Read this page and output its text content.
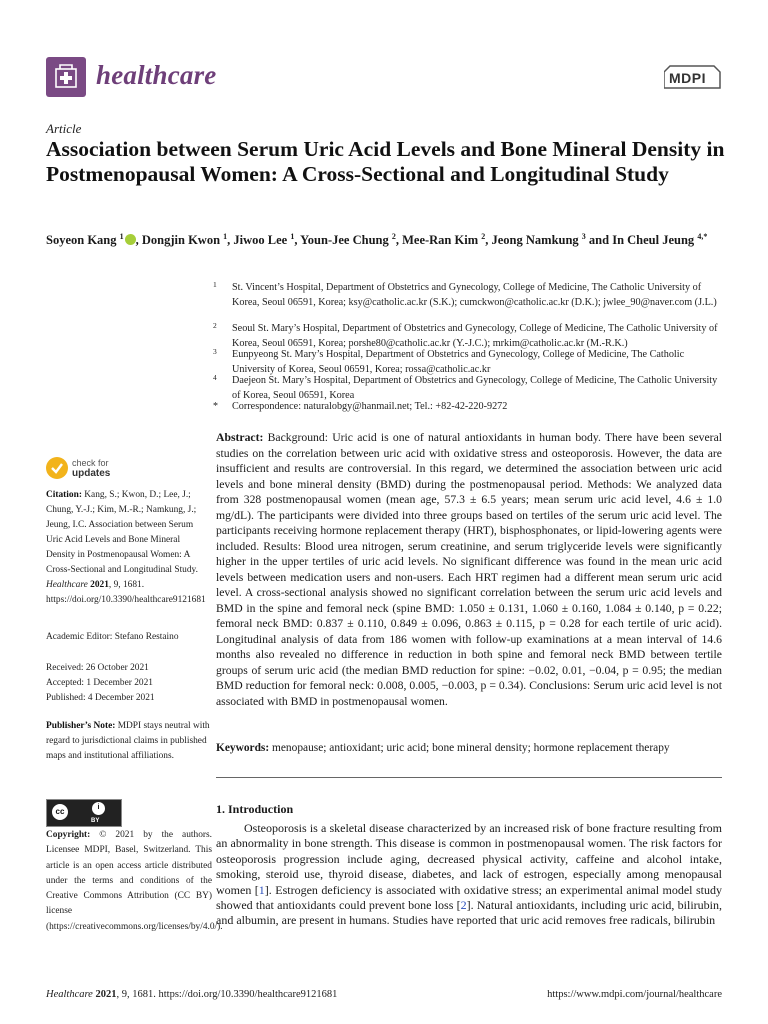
healthcare	MDPI
Article
Association between Serum Uric Acid Levels and Bone Mineral Density in Postmenopausal Women: A Cross-Sectional and Longitudinal Study
Soyeon Kang $^1$ , Dongjin Kwon $^1$, Jiwoo Lee $^1$, Youn-Jee Chung $^2$, Mee-Ran Kim $^2$, Jeong Namkung $^3$ and In Cheul Jeung $^{4,*}$
1 St. Vincent’s Hospital, Department of Obstetrics and Gynecology, College of Medicine, The Catholic University of Korea, Seoul 06591, Korea; ksy@catholic.ac.kr (S.K.); cumckwon@catholic.ac.kr (D.K.); jwlee_90@naver.com (J.L.)
2 Seoul St. Mary’s Hospital, Department of Obstetrics and Gynecology, College of Medicine, The Catholic University of Korea, Seoul 06591, Korea; porshe80@catholic.ac.kr (Y.-J.C.); mrkim@catholic.ac.kr (M.-R.K.)
3 Eunpyeong St. Mary’s Hospital, Department of Obstetrics and Gynecology, College of Medicine, The Catholic University of Korea, Seoul 06591, Korea; rossa@catholic.ac.kr
4 Daejeon St. Mary’s Hospital, Department of Obstetrics and Gynecology, College of Medicine, The Catholic University of Korea, Seoul 06591, Korea
* Correspondence: naturalobgy@hanmail.net; Tel.: +82-42-220-9272
Abstract: Background: Uric acid is one of natural antioxidants in human body. There have been several studies on the correlation between uric acid with oxidative stress and osteoporosis. However, the data are insufficient and results are controversial. In this regard, we determined the association between uric acid levels and bone mineral density (BMD) during the postmenopausal period. Methods: We analyzed data from 328 postmenopausal women (mean age, 57.3 ± 6.5 years; mean serum uric acid level, 4.6 ± 1.0 mg/dL). The participants were divided into three groups based on tertiles of the serum uric acid level. The participants receiving hormone replacement therapy (HRT), bisphosphonates, or lipid-lowering agents were included. Results: Blood urea nitrogen, serum creatinine, and serum triglyceride levels were significantly higher in the upper tertiles of uric acid levels. No significant difference was found in the mean uric acid levels between medication users and non-users. Each HRT regimen had a different mean serum uric acid level. A cross-sectional analysis showed no significant correlation between the serum uric acid levels and BMD in the spine and femoral neck (spine BMD: 1.050 ± 0.131, 1.060 ± 0.160, 1.084 ± 0.140, p = 0.22; femoral neck BMD: 0.837 ± 0.110, 0.849 ± 0.096, 0.863 ± 0.115, p = 0.28 for each tertile of uric acid). Longitudinal analysis of data from 186 women with follow-up examinations at a mean interval of 14.6 months also revealed no difference in reduction in both spine and femoral neck BMD between tertile groups of serum uric acid (the median BMD reduction for spine: −0.02, 0.01, −0.04, p = 0.95; the median BMD reduction for femoral neck: 0.008, 0.005, −0.003, p = 0.34). Conclusions: Serum uric acid level is not associated with BMD in postmenopausal women.
Keywords: menopause; antioxidant; uric acid; bone mineral density; hormone replacement therapy
check for
updates
Citation: Kang, S.; Kwon, D.; Lee, J.; Chung, Y.-J.; Kim, M.-R.; Namkung, J.; Jeung, I.C. Association between Serum Uric Acid Levels and Bone Mineral Density in Postmenopausal Women: A Cross-Sectional and Longitudinal Study. Healthcare 2021, 9, 1681. https://doi.org/10.3390/healthcare9121681
Academic Editor: Stefano Restaino
Received: 26 October 2021
Accepted: 1 December 2021
Published: 4 December 2021
Publisher’s Note: MDPI stays neutral with regard to jurisdictional claims in published maps and institutional affiliations.
cc	i
BY
Copyright: © 2021 by the authors. Licensee MDPI, Basel, Switzerland. This article is an open access article distributed under the terms and conditions of the Creative Commons Attribution (CC BY) license (https://creativecommons.org/licenses/by/4.0/).
1. Introduction
Osteoporosis is a skeletal disease characterized by an increased risk of bone fracture resulting from an abnormality in bone strength. This disease is common in postmenopausal women. The risk factors for osteoporosis progression include aging, decreased physical activity, caffeine and alcohol intake, smoking, steroid use, thyroid disease, diabetes, and lack of estrogen, especially among menopausal women [1]. Estrogen deficiency is associated with oxidative stress; an experimental animal model study showed that antioxidants could prevent bone loss [2]. Natural antioxidants, including uric acid, bilirubin, and albumin, are present in humans. Studies have reported that uric acid removes free radicals, bilirubin
Healthcare 2021, 9, 1681. https://doi.org/10.3390/healthcare9121681	https://www.mdpi.com/journal/healthcare
